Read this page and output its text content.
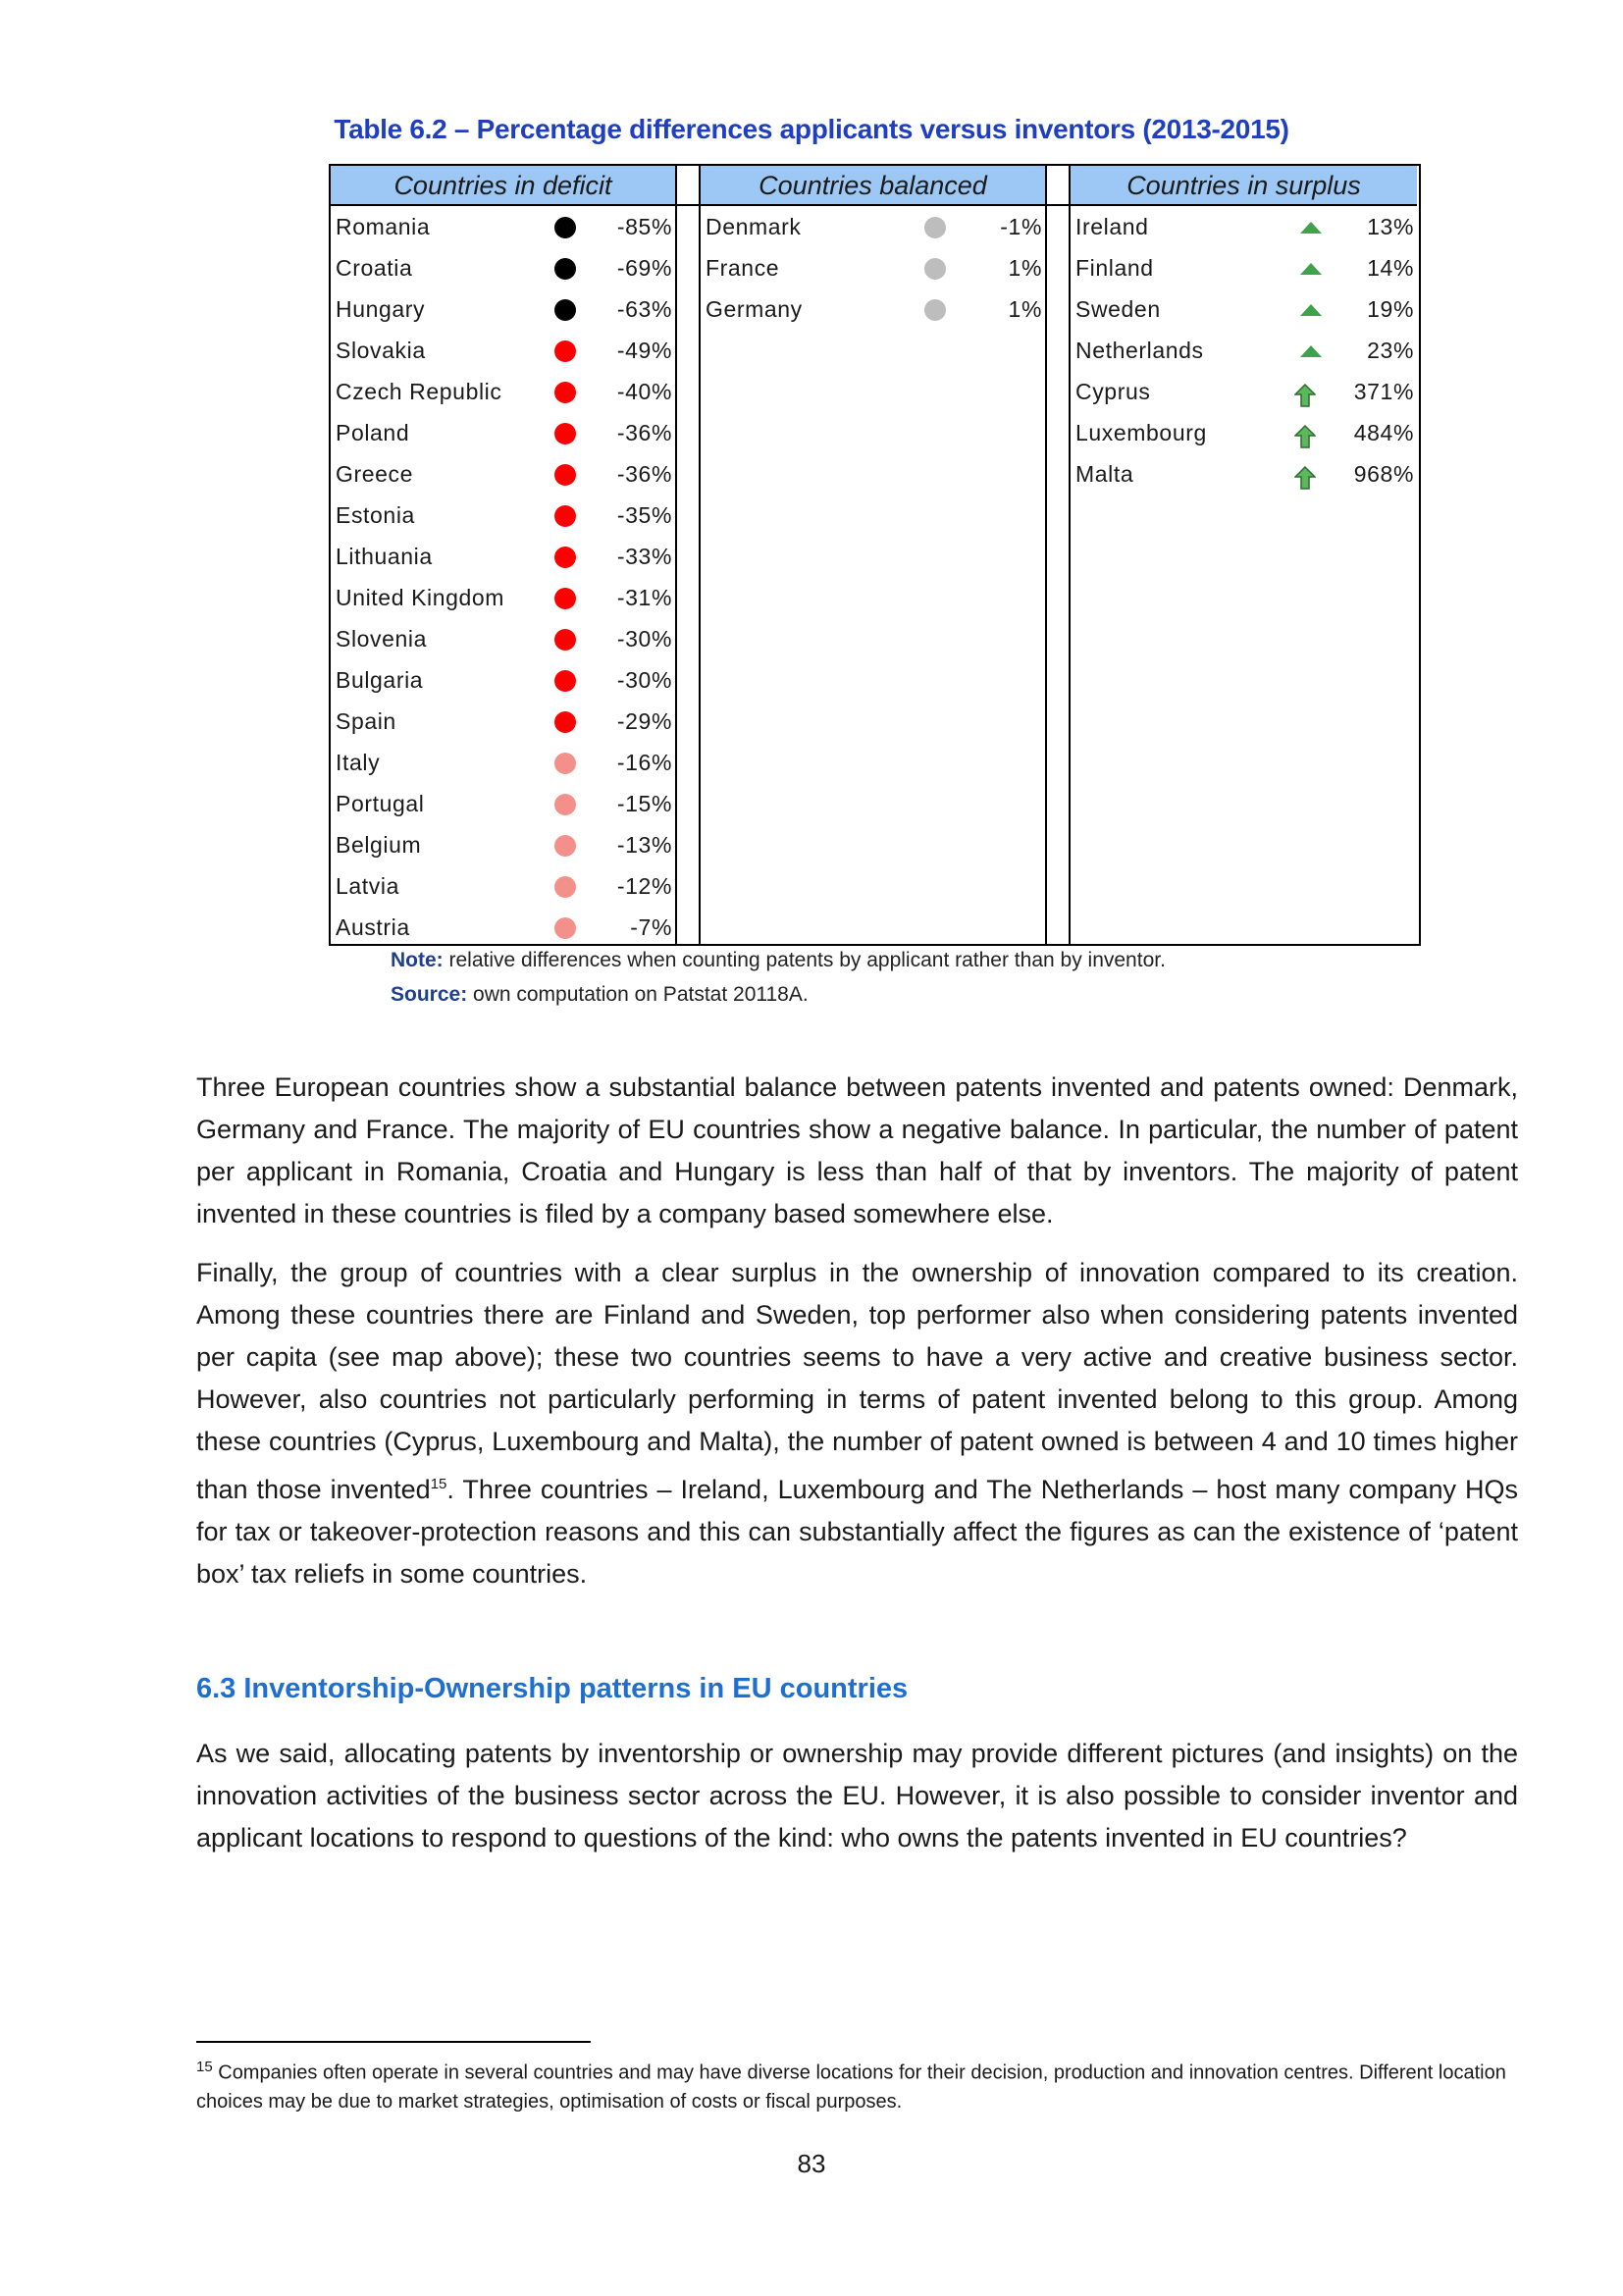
Table 6.2 – Percentage differences applicants versus inventors (2013-2015)
Countries in deficit
Romania	-85%
Croatia	-69%
Hungary	-63%
Slovakia	-49%
Czech Republic	-40%
Poland	-36%
Greece	-36%
Estonia	-35%
Lithuania	-33%
United Kingdom	-31%
Slovenia	-30%
Bulgaria	-30%
Spain	-29%
Italy	-16%
Portugal	-15%
Belgium	-13%
Latvia	-12%
Austria	-7%
Countries balanced
Denmark	-1%
France	1%
Germany	1%
Countries in surplus
Ireland	13%
Finland	14%
Sweden	19%
Netherlands	23%
Cyprus	371%
Luxembourg	484%
Malta	968%
Note: relative differences when counting patents by applicant rather than by inventor.
Source: own computation on Patstat 20118A.

Three European countries show a substantial balance between patents invented and patents owned: Denmark, Germany and France. The majority of EU countries show a negative balance. In particular, the number of patent per applicant in Romania, Croatia and Hungary is less than half of that by inventors. The majority of patent invented in these countries is filed by a company based somewhere else.

Finally, the group of countries with a clear surplus in the ownership of innovation compared to its creation. Among these countries there are Finland and Sweden, top performer also when considering patents invented per capita (see map above); these two countries seems to have a very active and creative business sector. However, also countries not particularly performing in terms of patent invented belong to this group. Among these countries (Cyprus, Luxembourg and Malta), the number of patent owned is between 4 and 10 times higher than those invented$^{15}$. Three countries – Ireland, Luxembourg and The Netherlands – host many company HQs for tax or takeover-protection reasons and this can substantially affect the figures as can the existence of ‘patent box’ tax reliefs in some countries.

6.3 Inventorship-Ownership patterns in EU countries

As we said, allocating patents by inventorship or ownership may provide different pictures (and insights) on the innovation activities of the business sector across the EU. However, it is also possible to consider inventor and applicant locations to respond to questions of the kind: who owns the patents invented in EU countries?

$^{15}$ Companies often operate in several countries and may have diverse locations for their decision, production and innovation centres. Different location choices may be due to market strategies, optimisation of costs or fiscal purposes.
83
